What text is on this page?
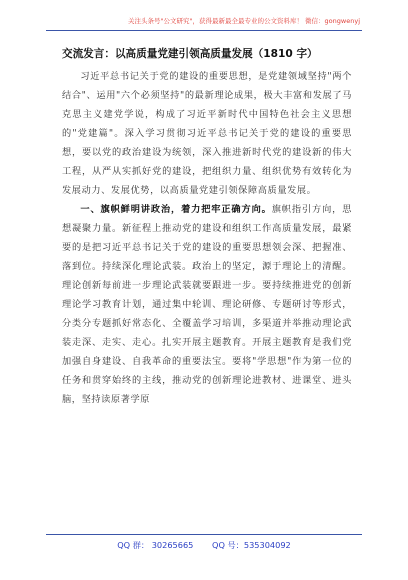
关注头条号"公文研究"，获得最新最全最专业的公文资料库！ 微信：gongwenyj
交流发言：以高质量党建引领高质量发展（1810 字）

习近平总书记关于党的建设的重要思想，是党建领域坚持"两个结合"、运用"六个必须坚持"的最新理论成果，极大丰富和发展了马克思主义建党学说，构成了习近平新时代中国特色社会主义思想的"党建篇"。深入学习贯彻习近平总书记关于党的建设的重要思想，要以党的政治建设为统领，深入推进新时代党的建设新的伟大工程，从严从实抓好党的建设，把组织力量、组织优势有效转化为发展动力、发展优势，以高质量党建引领保障高质量发展。

一、旗帜鲜明讲政治，着力把牢正确方向。旗帜指引方向，思想凝聚力量。新征程上推动党的建设和组织工作高质量发展，最紧要的是把习近平总书记关于党的建设的重要思想领会深、把握准、落到位。持续深化理论武装。政治上的坚定，源于理论上的清醒。理论创新每前进一步理论武装就要跟进一步。要持续推进党的创新理论学习教育计划，通过集中轮训、理论研修、专题研讨等形式，分类分专题抓好常态化、全覆盖学习培训，多渠道并举推动理论武装走深、走实、走心。扎实开展主题教育。开展主题教育是我们党加强自身建设、自我革命的重要法宝。要将"学思想"作为第一位的任务和贯穿始终的主线，推动党的创新理论进教材、进课堂、进头脑，坚持读原著学原

QQ 群： 30265665 QQ 号：535304092
